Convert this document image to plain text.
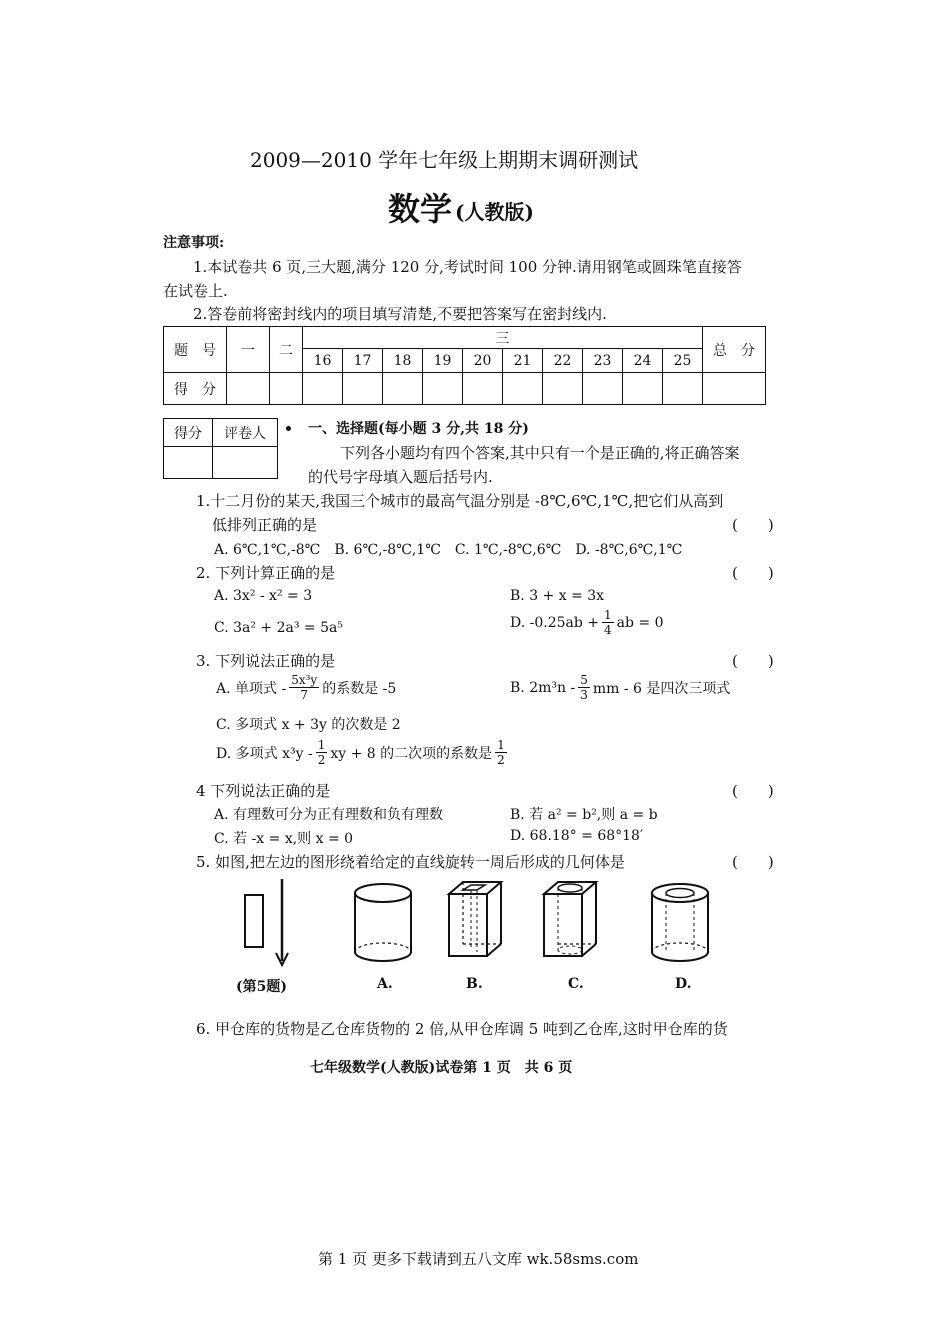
2009—2010 学年七年级上期期末调研测试
数学 (人教版)
注意事项:
1.本试卷共 6 页,三大题,满分 120 分,考试时间 100 分钟.请用钢笔或圆珠笔直接答
在试卷上.
2.答卷前将密封线内的项目填写清楚,不要把答案写在密封线内.
题　号	一	二	三										总　分
			16	17	18	19	20	21	22	23	24	25	
得　分													
得分	评卷人
		一、选择题(每小题 3 分,共 18 分)
下列各小题均有四个答案,其中只有一个是正确的,将正确答案
的代号字母填入题后括号内.
1.十二月份的某天,我国三个城市的最高气温分别是 -8℃,6℃,1℃,把它们从高到
低排列正确的是	(　　)
A. 6℃,1℃,-8℃　B. 6℃,-8℃,1℃　C. 1℃,-8℃,6℃　D. -8℃,6℃,1℃
2. 下列计算正确的是	(　　)
A. 3x² - x² = 3	B. 3 + x = 3x
C. 3a² + 2a³ = 5a⁵	D. $-0.25ab + \frac{1}{4}$ ab = 0
3. 下列说法正确的是	(　　)
A. 单项式 - $\frac{\text{5x³y}}{7}$ 的系数是 -5	B. $2m^3n - \frac{5}{3}$ mm - 6 是四次三项式
C. 多项式 x + 3y 的次数是 2
D. 多项式 $x^3y - \frac{1}{2}$ xy + 8 的二次项的系数是 $\frac{1}{2}$
4 下列说法正确的是	(　　)
A. 有理数可分为正有理数和负有理数	B. 若 a² = b²,则 a = b
C. 若 -x = x,则 x = 0	D. 68.18° = 68°18′
5. 如图,把左边的图形绕着给定的直线旋转一周后形成的几何体是	(　　)
(第5题)	A.	B.	C.	D.
6. 甲仓库的货物是乙仓库货物的 2 倍,从甲仓库调 5 吨到乙仓库,这时甲仓库的货
七年级数学(人教版)试卷第 1 页　共 6 页
第 1 页 更多下载请到五八文库 wk.58sms.com
